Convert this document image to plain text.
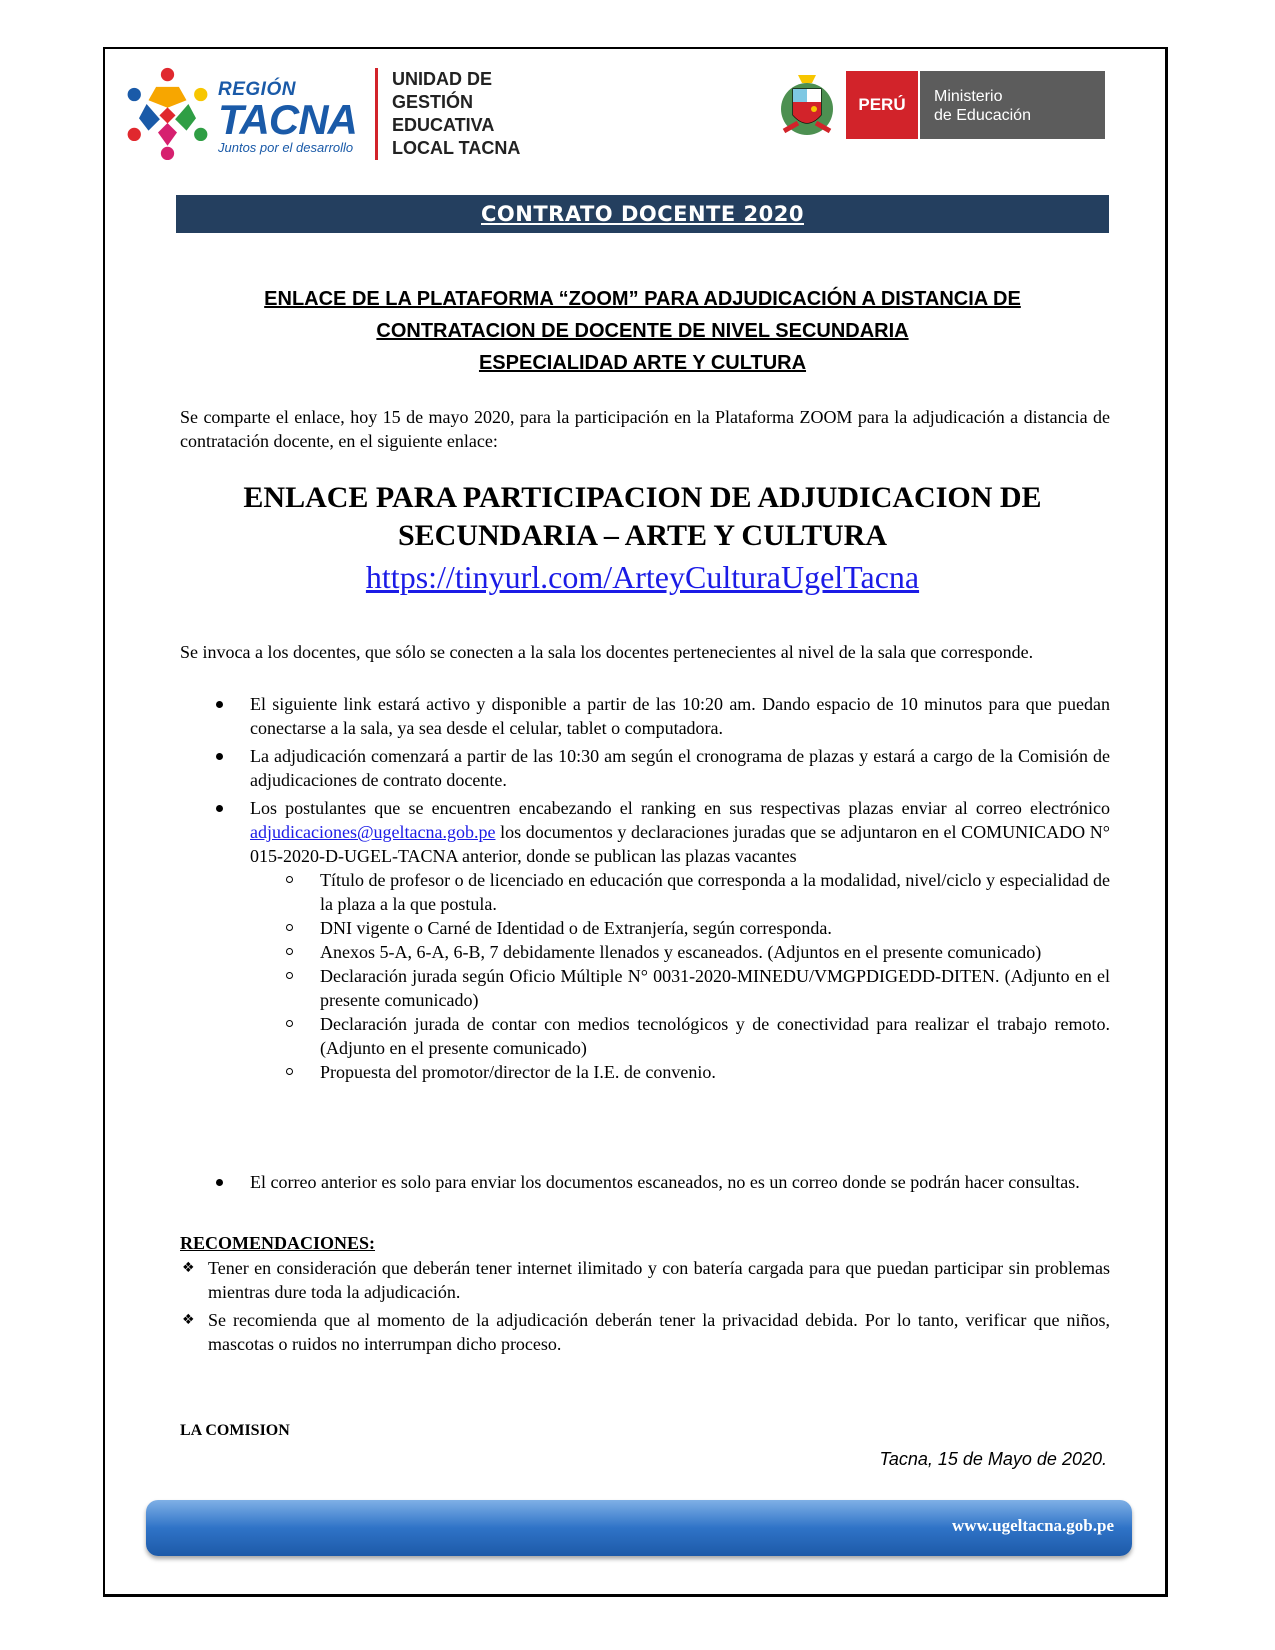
REGIÓN
TACNA
Juntos por el desarrollo
UNIDAD DE
GESTIÓN
EDUCATIVA
LOCAL TACNA
PERÚ	Ministerio
de Educación
CONTRATO DOCENTE 2020
ENLACE DE LA PLATAFORMA “ZOOM” PARA ADJUDICACIÓN A DISTANCIA DE
CONTRATACION DE DOCENTE DE NIVEL SECUNDARIA
ESPECIALIDAD ARTE Y CULTURA
Se comparte el enlace, hoy 15 de mayo 2020, para la participación en la Plataforma ZOOM para la adjudicación a distancia de contratación docente, en el siguiente enlace:
ENLACE PARA PARTICIPACION DE ADJUDICACION DE
SECUNDARIA – ARTE Y CULTURA
https://tinyurl.com/ArteyCulturaUgelTacna
Se invoca a los docentes, que sólo se conecten a la sala los docentes pertenecientes al nivel de la sala que corresponde.
El siguiente link estará activo y disponible a partir de las 10:20 am. Dando espacio de 10 minutos para que puedan conectarse a la sala, ya sea desde el celular, tablet o computadora.
La adjudicación comenzará a partir de las 10:30 am según el cronograma de plazas y estará a cargo de la Comisión de adjudicaciones de contrato docente.
Los postulantes que se encuentren encabezando el ranking en sus respectivas plazas enviar al correo electrónico adjudicaciones@ugeltacna.gob.pe los documentos y declaraciones juradas que se adjuntaron en el COMUNICADO N° 015-2020-D-UGEL-TACNA anterior, donde se publican las plazas vacantes
Título de profesor o de licenciado en educación que corresponda a la modalidad, nivel/ciclo y especialidad de la plaza a la que postula.
DNI vigente o Carné de Identidad o de Extranjería, según corresponda.
Anexos 5-A, 6-A, 6-B, 7 debidamente llenados y escaneados. (Adjuntos en el presente comunicado)
Declaración jurada según Oficio Múltiple N° 0031-2020-MINEDU/VMGPDIGEDD-DITEN. (Adjunto en el presente comunicado)
Declaración jurada de contar con medios tecnológicos y de conectividad para realizar el trabajo remoto. (Adjunto en el presente comunicado)
Propuesta del promotor/director de la I.E. de convenio.
El correo anterior es solo para enviar los documentos escaneados, no es un correo donde se podrán hacer consultas.
RECOMENDACIONES:
❖ Tener en consideración que deberán tener internet ilimitado y con batería cargada para que puedan participar sin problemas mientras dure toda la adjudicación.
❖ Se recomienda que al momento de la adjudicación deberán tener la privacidad debida. Por lo tanto, verificar que niños, mascotas o ruidos no interrumpan dicho proceso.
LA COMISION
Tacna, 15 de Mayo de 2020.
www.ugeltacna.gob.pe
